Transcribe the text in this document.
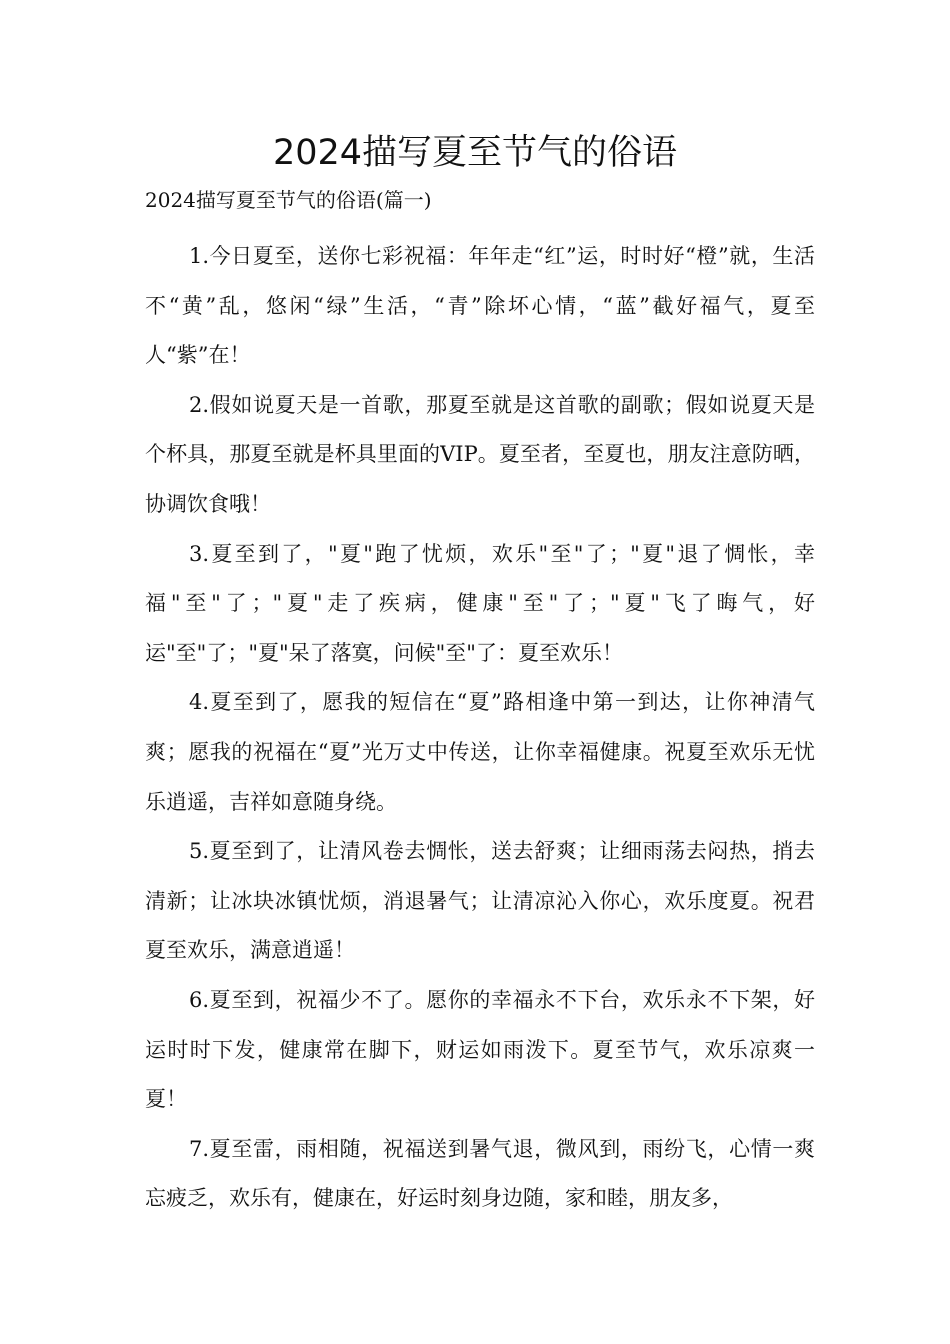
2024描写夏至节气的俗语

2024描写夏至节气的俗语(篇一)

1.今日夏至，送你七彩祝福：年年走“红”运，时时好“橙”就，生活不“黄”乱，悠闲“绿”生活，“青”除坏心情，“蓝”截好福气，夏至人“紫”在！

2.假如说夏天是一首歌，那夏至就是这首歌的副歌；假如说夏天是个杯具，那夏至就是杯具里面的VIP。夏至者，至夏也，朋友注意防晒，协调饮食哦！

3.夏至到了，"夏"跑了忧烦，欢乐"至"了；"夏"退了惆怅，幸福"至"了；"夏"走了疾病，健康"至"了；"夏"飞了晦气，好运"至"了；"夏"呆了落寞，问候"至"了：夏至欢乐！

4.夏至到了，愿我的短信在“夏”路相逢中第一到达，让你神清气爽；愿我的祝福在“夏”光万丈中传送，让你幸福健康。祝夏至欢乐无忧乐逍遥，吉祥如意随身绕。

5.夏至到了，让清风卷去惆怅，送去舒爽；让细雨荡去闷热，捎去清新；让冰块冰镇忧烦，消退暑气；让清凉沁入你心，欢乐度夏。祝君夏至欢乐，满意逍遥！

6.夏至到，祝福少不了。愿你的幸福永不下台，欢乐永不下架，好运时时下发，健康常在脚下，财运如雨泼下。夏至节气，欢乐凉爽一夏！

7.夏至雷，雨相随，祝福送到暑气退，微风到，雨纷飞，心情一爽忘疲乏，欢乐有，健康在，好运时刻身边随，家和睦，朋友多，
